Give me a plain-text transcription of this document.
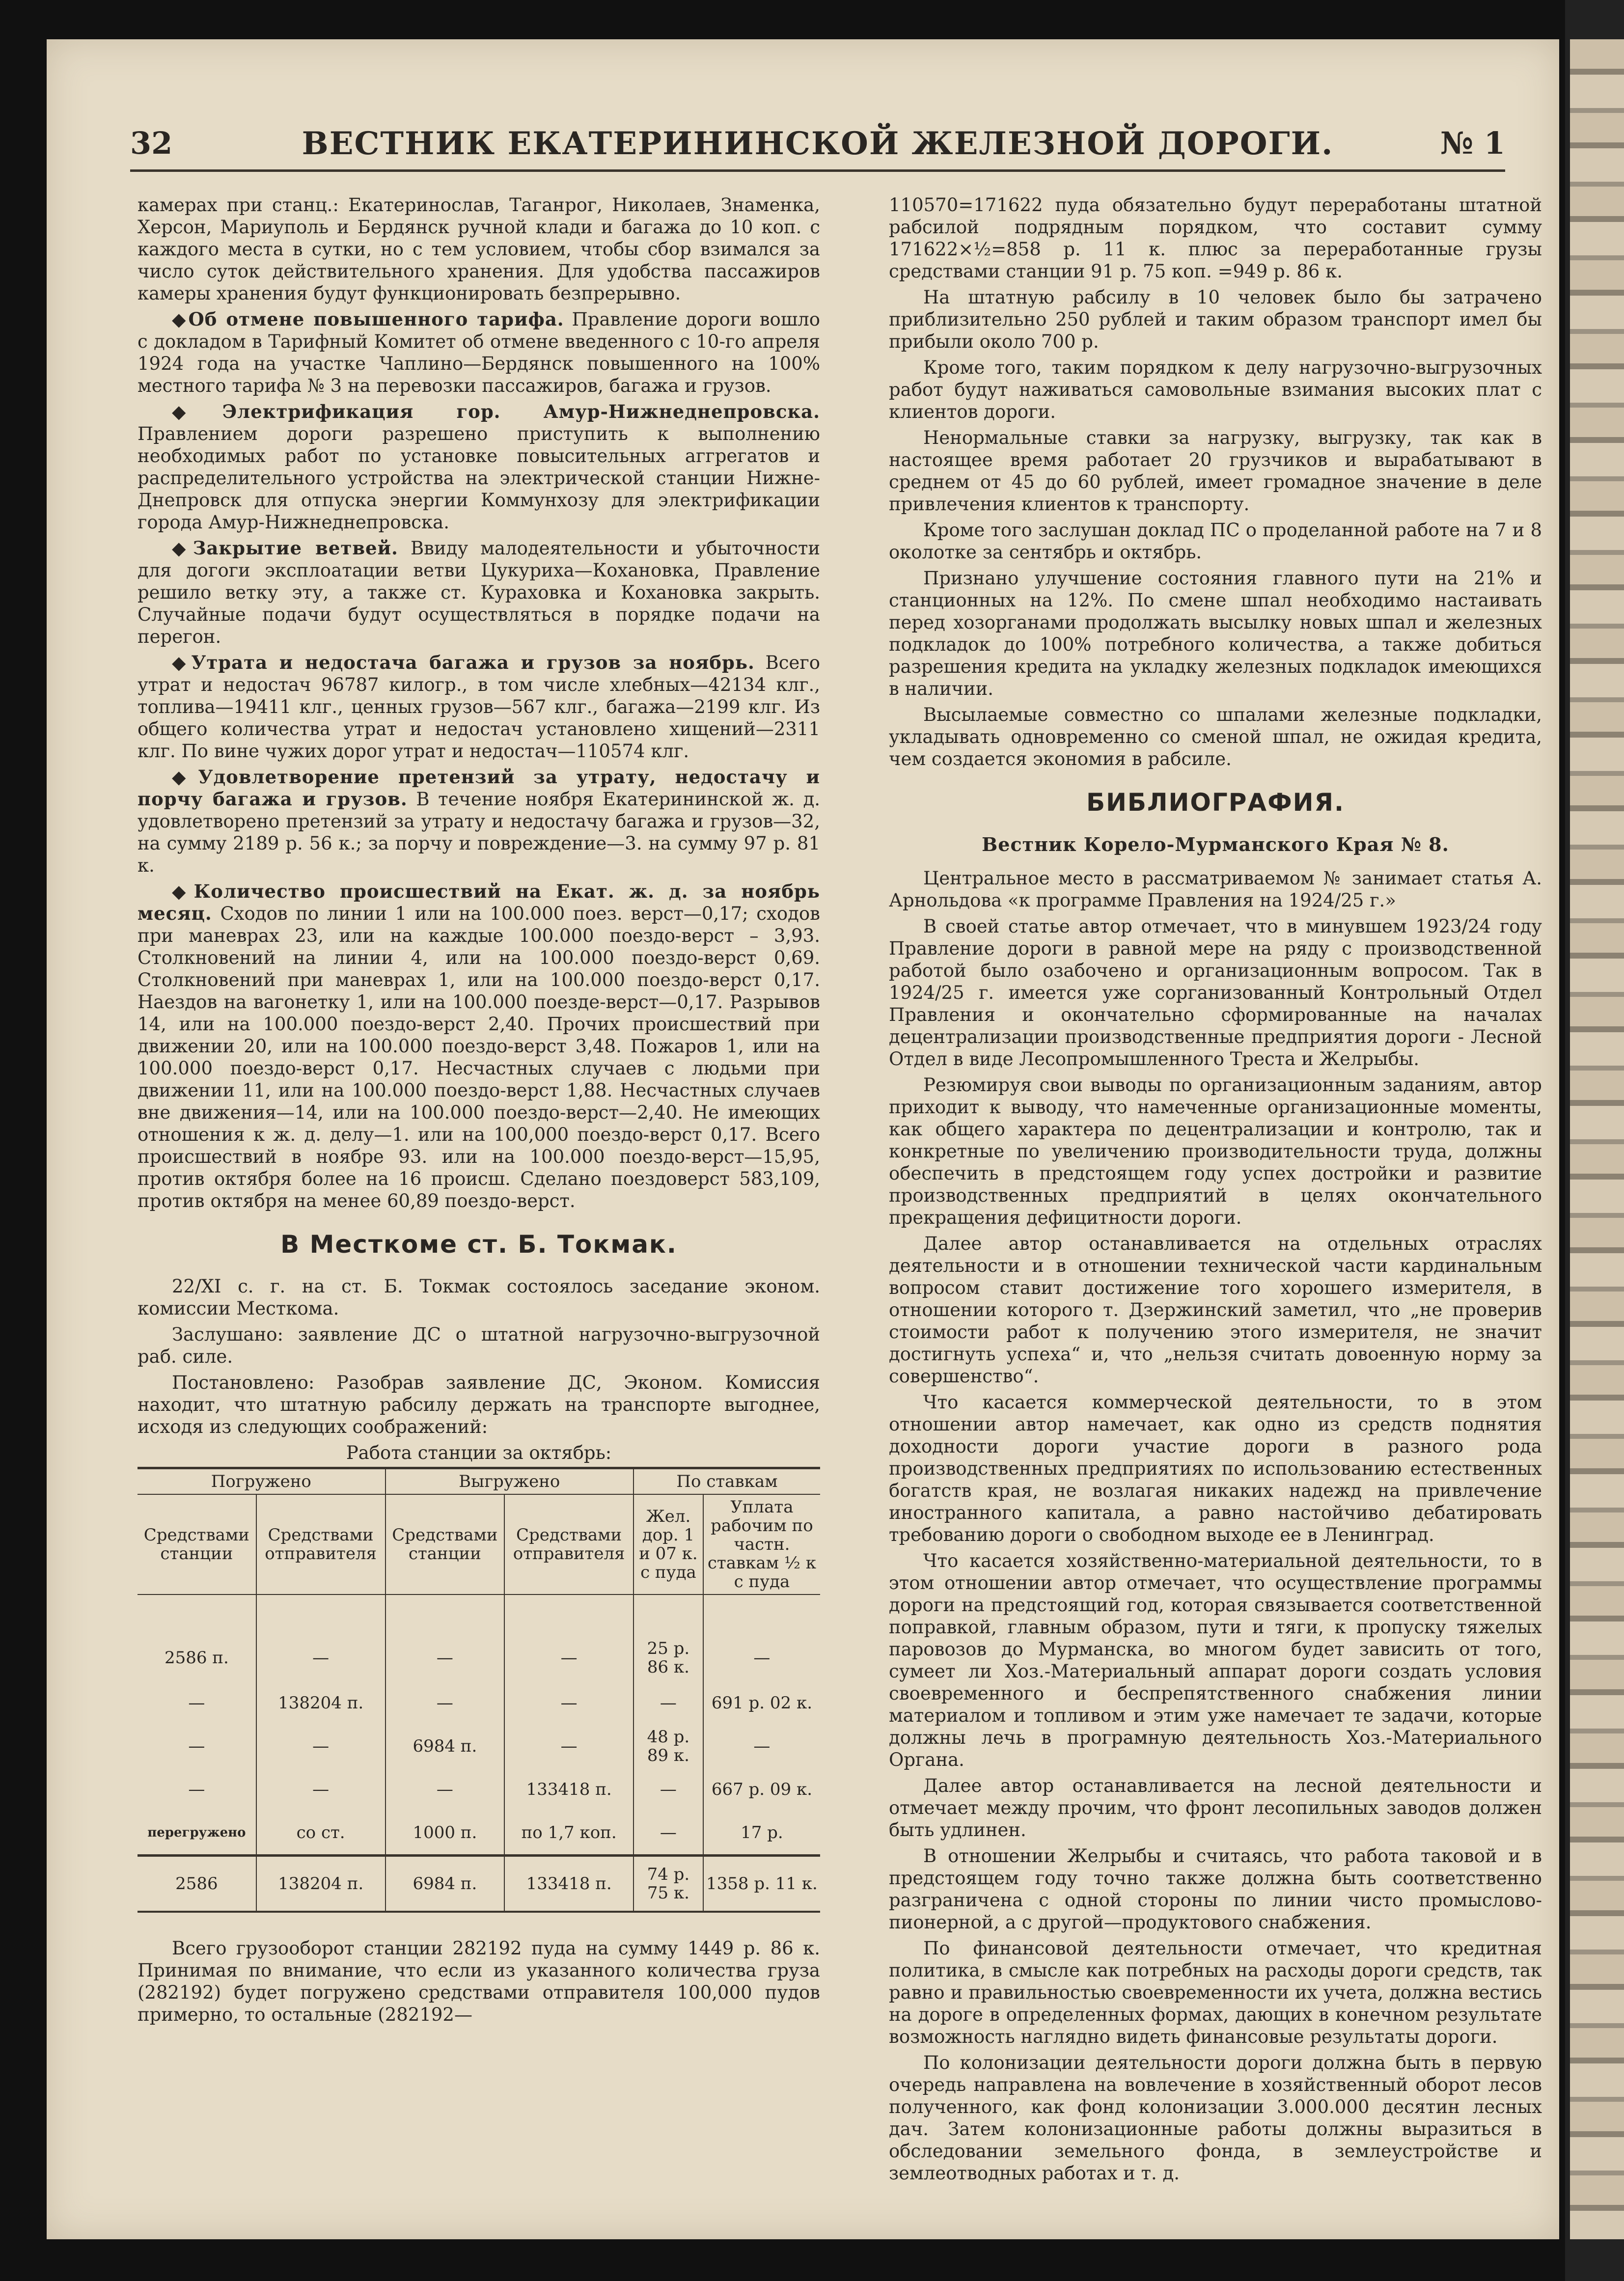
32	ВЕСТНИК ЕКАТЕРИНИНСКОЙ ЖЕЛЕЗНОЙ ДОРОГИ.	№ 1

камерах при станц.: Екатеринослав, Таганрог, Николаев, Знаменка, Херсон, Мариуполь и Бердянск ручной клади и багажа до 10 коп. с каждого места в сутки, но с тем условием, чтобы сбор взимался за число суток действительного хранения. Для удобства пассажиров камеры хранения будут функционировать безпрерывно.

◆ Об отмене повышенного тарифа. Правление дороги вошло с докладом в Тарифный Комитет об отмене введенного с 10-го апреля 1924 года на участке Чаплино—Бердянск повышенного на 100% местного тарифа № 3 на перевозки пассажиров, багажа и грузов.

◆ Электрификация гор. Амур-Нижнеднепровска. Правлением дороги разрешено приступить к выполнению необходимых работ по установке повысительных аггрегатов и распределительного устройства на электрической станции Нижне-Днепровск для отпуска энергии Коммунхозу для электрификации города Амур-Нижнеднепровска.

◆ Закрытие ветвей. Ввиду малодеятельности и убыточности для догоги эксплоатации ветви Цукуриха—Кохановка, Правление решило ветку эту, а также ст. Кураховка и Кохановка закрыть. Случайные подачи будут осуществляться в порядке подачи на перегон.

◆ Утрата и недостача багажа и грузов за ноябрь. Всего утрат и недостач 96787 килогр., в том числе хлебных—42134 клг., топлива—19411 клг., ценных грузов—567 клг., багажа—2199 клг. Из общего количества утрат и недостач установлено хищений—2311 клг. По вине чужих дорог утрат и недостач—110574 клг.

◆ Удовлетворение претензий за утрату, недостачу и порчу багажа и грузов. В течение ноября Екатерининской ж. д. удовлетворено претензий за утрату и недостачу багажа и грузов—32, на сумму 2189 р. 56 к.; за порчу и повреждение—3. на сумму 97 р. 81 к.

◆ Количество происшествий на Екат. ж. д. за ноябрь месяц. Сходов по линии 1 или на 100.000 поез. верст—0,17; сходов при маневрах 23, или на каждые 100.000 поездо-верст – 3,93. Столкновений на линии 4, или на 100.000 поездо-верст 0,69. Столкновений при маневрах 1, или на 100.000 поездо-верст 0,17. Наездов на вагонетку 1, или на 100.000 поезде-верст—0,17. Разрывов 14, или на 100.000 поездо-верст 2,40. Прочих происшествий при движении 20, или на 100.000 поездо-верст 3,48. Пожаров 1, или на 100.000 поездо-верст 0,17. Несчастных случаев с людьми при движении 11, или на 100.000 поездо-верст 1,88. Несчастных случаев вне движения—14, или на 100.000 поездо-верст—2,40. Не имеющих отношения к ж. д. делу—1. или на 100,000 поездо-верст 0,17. Всего происшествий в ноябре 93. или на 100.000 поездо-верст—15,95, против октября более на 16 происш. Сделано поездоверст 583,109, против октября на менее 60,89 поездо-верст.

В Месткоме ст. Б. Токмак.

22/XI с. г. на ст. Б. Токмак состоялось заседание эконом. комиссии Месткома.

Заслушано: заявление ДС о штатной нагрузочно-выгрузочной раб. силе.

Постановлено: Разобрав заявление ДС, Эконом. Комиссия находит, что штатную рабсилу держать на транспорте выгоднее, исходя из следующих соображений:

Работа станции за октябрь:
Погружено		Выгружено		По ставкам	
Средствами станции	Средствами отправителя	Средствами станции	Средствами отправителя	Жел. дор. 1 и 07 к. с пуда	Уплата рабочим по частн. ставкам ½ к с пуда
2586 п.	—	—	—	25 р. 86 к.	—
—	138204 п.	—	—	—	691 р. 02 к.
—	—	6984 п.	—	48 р. 89 к.	—
—	—	—	133418 п.	—	667 р. 09 к.
перегружено	со ст.	1000 п.	по 1,7 коп.	—	17 р.
2586	138204 п.	6984 п.	133418 п.	74 р. 75 к.	1358 р. 11 к.

Всего грузооборот станции 282192 пуда на сумму 1449 р. 86 к. Принимая по внимание, что если из указанного количества груза (282192) будет погружено средствами отправителя 100,000 пудов примерно, то остальные (282192—

110570=171622 пуда обязательно будут переработаны штатной рабсилой подрядным порядком, что составит сумму 171622×½=858 р. 11 к. плюс за переработанные грузы средствами станции 91 р. 75 коп. =949 р. 86 к.

На штатную рабсилу в 10 человек было бы затрачено приблизительно 250 рублей и таким образом транспорт имел бы прибыли около 700 р.

Кроме того, таким порядком к делу нагрузочно-выгрузочных работ будут наживаться самовольные взимания высоких плат с клиентов дороги.

Ненормальные ставки за нагрузку, выгрузку, так как в настоящее время работает 20 грузчиков и вырабатывают в среднем от 45 до 60 рублей, имеет громадное значение в деле привлечения клиентов к транспорту.

Кроме того заслушан доклад ПС о проделанной работе на 7 и 8 околотке за сентябрь и октябрь.

Признано улучшение состояния главного пути на 21% и станционных на 12%. По смене шпал необходимо настаивать перед хозорганами продолжать высылку новых шпал и железных подкладок до 100% потребного количества, а также добиться разрешения кредита на укладку железных подкладок имеющихся в наличии.

Высылаемые совместно со шпалами железные подкладки, укладывать одновременно со сменой шпал, не ожидая кредита, чем создается экономия в рабсиле.

БИБЛИОГРАФИЯ.
Вестник Корело-Мурманского Края № 8.

Центральное место в рассматриваемом № занимает статья А. Арнольдова «к программе Правления на 1924/25 г.»

В своей статье автор отмечает, что в минувшем 1923/24 году Правление дороги в равной мере на ряду с производственной работой было озабочено и организационным вопросом. Так в 1924/25 г. имеется уже сорганизованный Контрольный Отдел Правления и окончательно сформированные на началах децентрализации производственные предприятия дороги - Лесной Отдел в виде Лесопромышленного Треста и Желрыбы.

Резюмируя свои выводы по организационным заданиям, автор приходит к выводу, что намеченные организационные моменты, как общего характера по децентрализации и контролю, так и конкретные по увеличению производительности труда, должны обеспечить в предстоящем году успех достройки и развитие производственных предприятий в целях окончательного прекращения дефицитности дороги.

Далее автор останавливается на отдельных отраслях деятельности и в отношении технической части кардинальным вопросом ставит достижение того хорошего измерителя, в отношении которого т. Дзержинский заметил, что „не проверив стоимости работ к получению этого измерителя, не значит достигнуть успеха“ и, что „нельзя считать довоенную норму за совершенство“.

Что касается коммерческой деятельности, то в этом отношении автор намечает, как одно из средств поднятия доходности дороги участие дороги в разного рода производственных предприятиях по использованию естественных богатств края, не возлагая никаких надежд на привлечение иностранного капитала, а равно настойчиво дебатировать требованию дороги о свободном выходе ее в Ленинград.

Что касается хозяйственно-материальной деятельности, то в этом отношении автор отмечает, что осуществление программы дороги на предстоящий год, которая связывается соответственной поправкой, главным образом, пути и тяги, к пропуску тяжелых паровозов до Мурманска, во многом будет зависить от того, сумеет ли Хоз.-Материальный аппарат дороги создать условия своевременного и беспрепятственного снабжения линии материалом и топливом и этим уже намечает те задачи, которые должны лечь в програмную деятельность Хоз.-Материального Органа.

Далее автор останавливается на лесной деятельности и отмечает между прочим, что фронт лесопильных заводов должен быть удлинен.

В отношении Желрыбы и считаясь, что работа таковой и в предстоящем году точно также должна быть соответственно разграничена с одной стороны по линии чисто промыслово-пионерной, а с другой—продуктового снабжения.

По финансовой деятельности отмечает, что кредитная политика, в смысле как потребных на расходы дороги средств, так равно и правильностью своевременности их учета, должна вестись на дороге в определенных формах, дающих в конечном результате возможность наглядно видеть финансовые результаты дороги.

По колонизации деятельности дороги должна быть в первую очередь направлена на вовлечение в хозяйственный оборот лесов полученного, как фонд колонизации 3.000.000 десятин лесных дач. Затем колонизационные работы должны выразиться в обследовании земельного фонда, в землеустройстве и землеотводных работах и т. д.
